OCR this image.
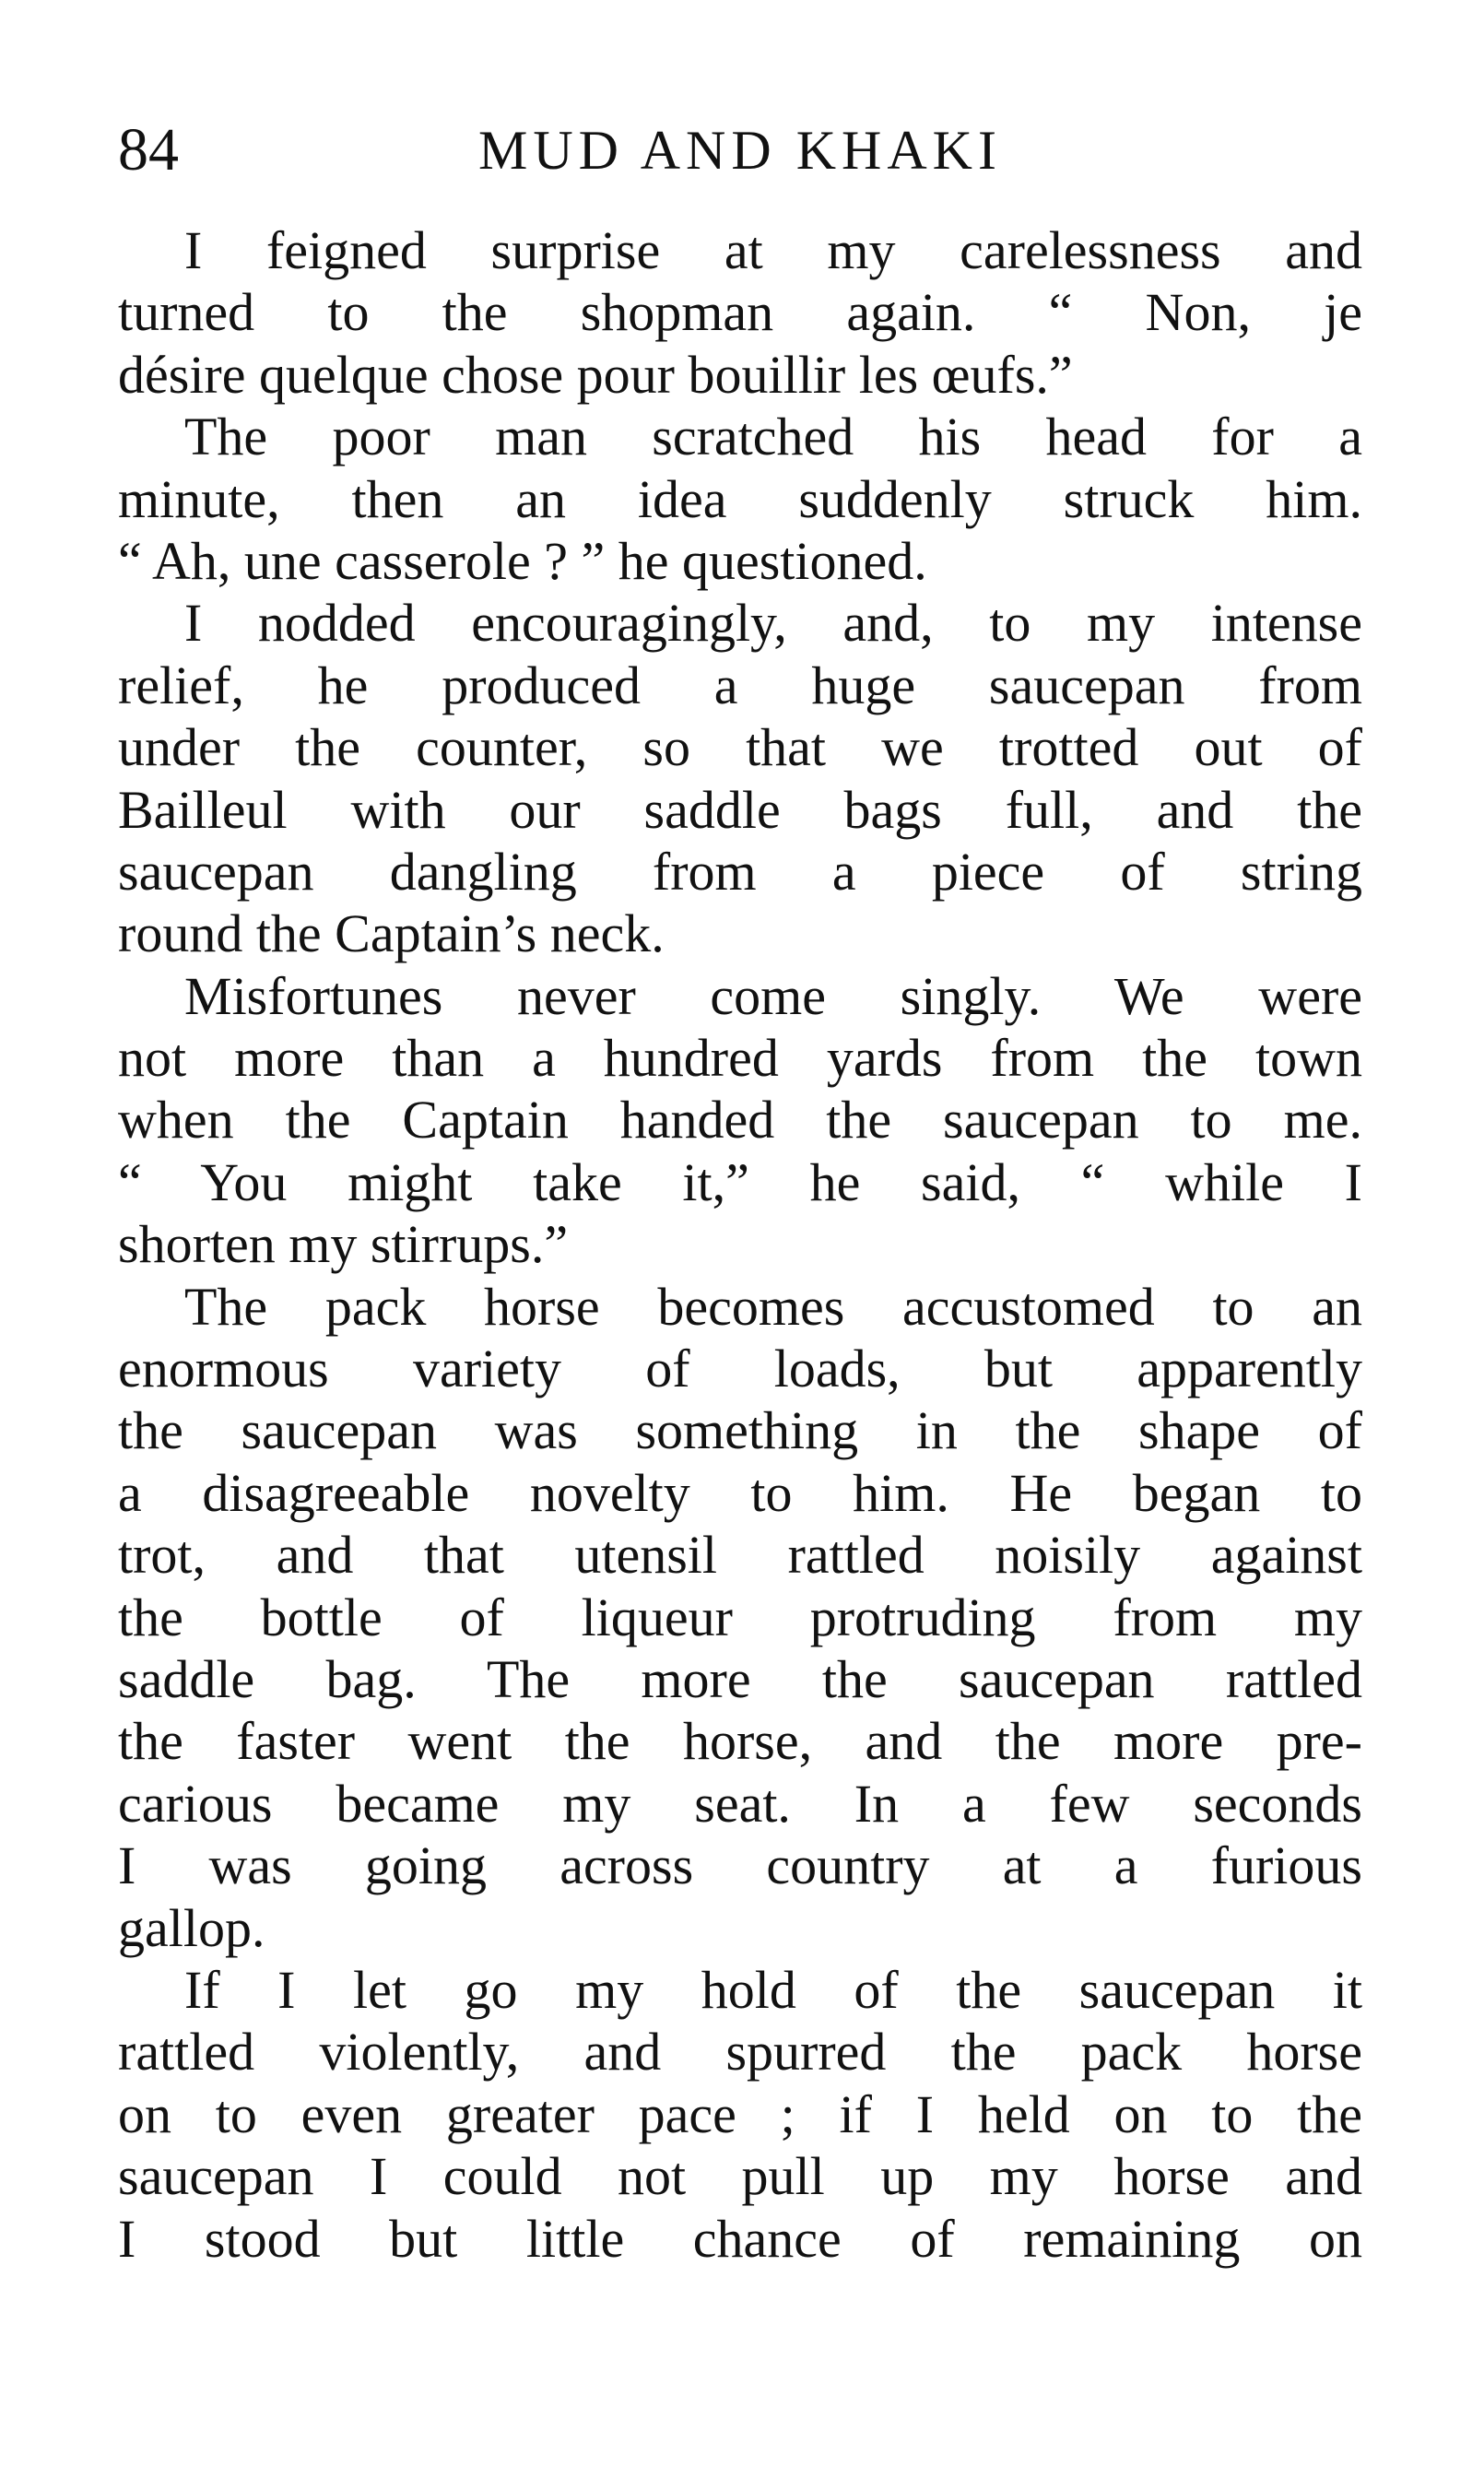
84	MUD AND KHAKI
I feigned surprise at my carelessness and
turned to the shopman again. “ Non, je
désire quelque chose pour bouillir les œufs.”
The poor man scratched his head for a
minute, then an idea suddenly struck him.
“ Ah, une casserole ? ” he questioned.
I nodded encouragingly, and, to my intense
relief, he produced a huge saucepan from
under the counter, so that we trotted out of
Bailleul with our saddle bags full, and the
saucepan dangling from a piece of string
round the Captain’s neck.
Misfortunes never come singly. We were
not more than a hundred yards from the town
when the Captain handed the saucepan to me.
“ You might take it,” he said, “ while I
shorten my stirrups.”
The pack horse becomes accustomed to an
enormous variety of loads, but apparently
the saucepan was something in the shape of
a disagreeable novelty to him. He began to
trot, and that utensil rattled noisily against
the bottle of liqueur protruding from my
saddle bag. The more the saucepan rattled
the faster went the horse, and the more pre-
carious became my seat. In a few seconds
I was going across country at a furious
gallop.
If I let go my hold of the saucepan it
rattled violently, and spurred the pack horse
on to even greater pace ; if I held on to the
saucepan I could not pull up my horse and
I stood but little chance of remaining on
